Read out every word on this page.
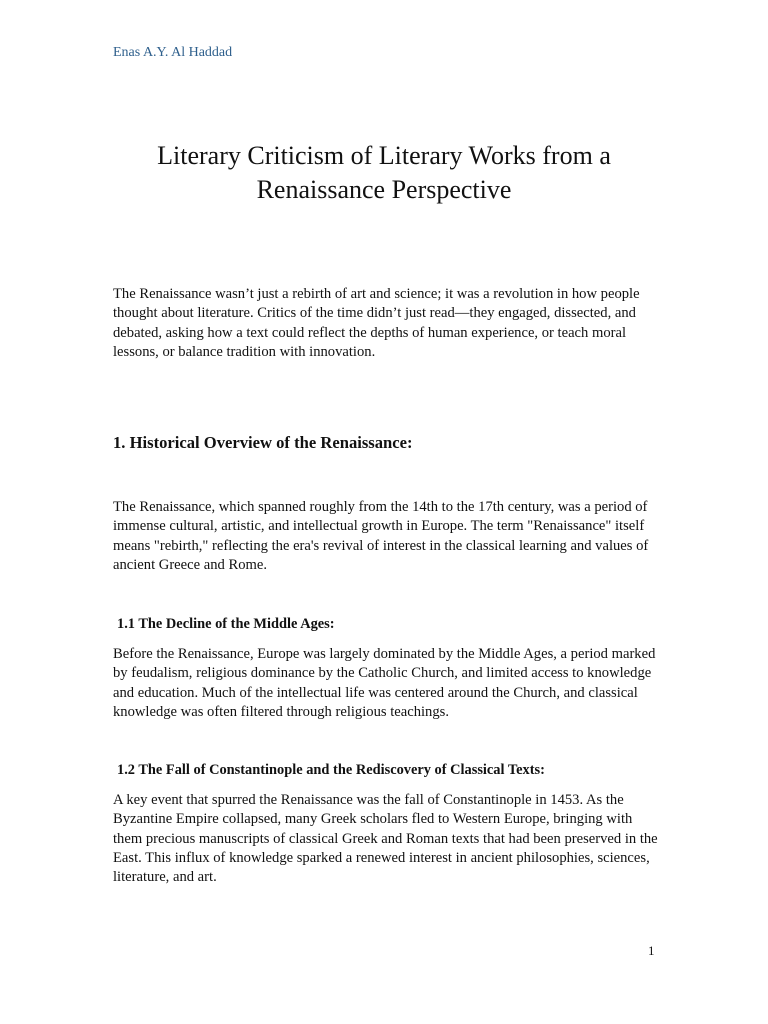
Enas A.Y. Al Haddad
Literary Criticism of Literary Works from a Renaissance Perspective

The Renaissance wasn’t just a rebirth of art and science; it was a revolution in how people thought about literature. Critics of the time didn’t just read—they engaged, dissected, and debated, asking how a text could reflect the depths of human experience, or teach moral lessons, or balance tradition with innovation.

1. Historical Overview of the Renaissance:

The Renaissance, which spanned roughly from the 14th to the 17th century, was a period of immense cultural, artistic, and intellectual growth in Europe. The term "Renaissance" itself means "rebirth," reflecting the era's revival of interest in the classical learning and values of ancient Greece and Rome.

1.1 The Decline of the Middle Ages:

Before the Renaissance, Europe was largely dominated by the Middle Ages, a period marked by feudalism, religious dominance by the Catholic Church, and limited access to knowledge and education. Much of the intellectual life was centered around the Church, and classical knowledge was often filtered through religious teachings.

1.2 The Fall of Constantinople and the Rediscovery of Classical Texts:

A key event that spurred the Renaissance was the fall of Constantinople in 1453. As the Byzantine Empire collapsed, many Greek scholars fled to Western Europe, bringing with them precious manuscripts of classical Greek and Roman texts that had been preserved in the East. This influx of knowledge sparked a renewed interest in ancient philosophies, sciences, literature, and art.

1
